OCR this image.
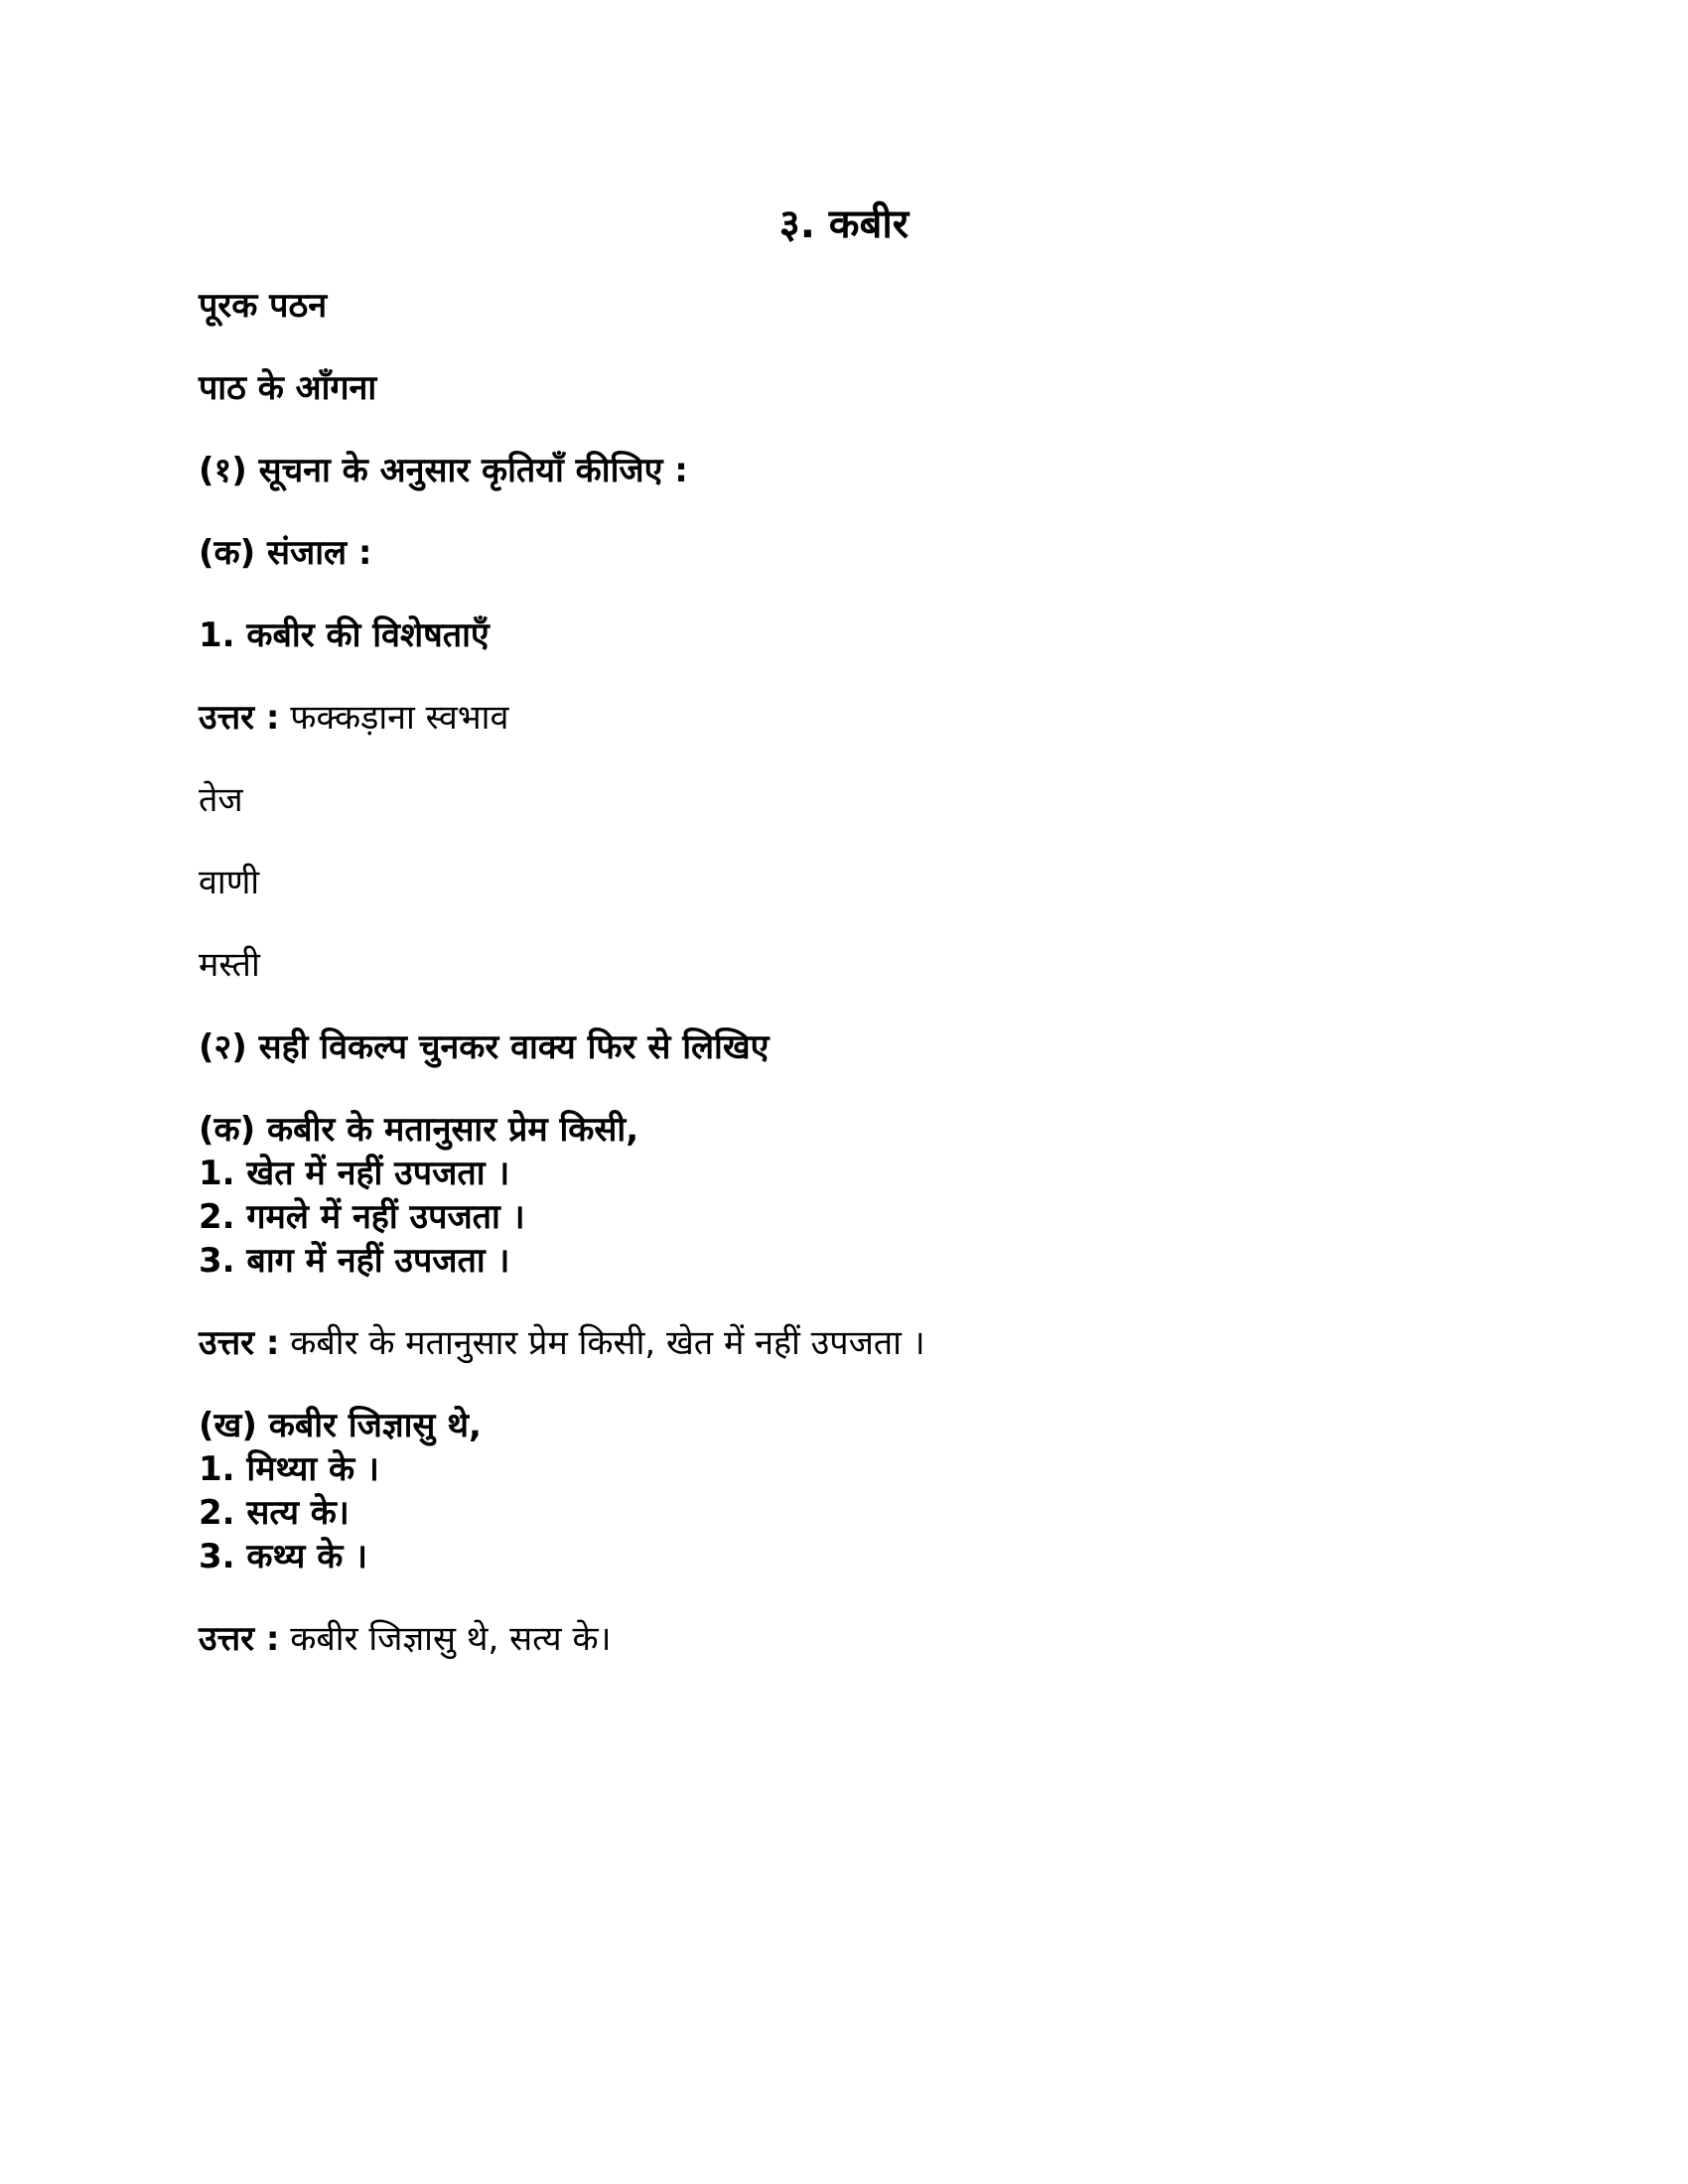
३. कबीर
पूरक पठन
पाठ के आँगना
(१) सूचना के अनुसार कृतियाँ कीजिए :
(क) संजाल :
1. कबीर की विशेषताएँ
उत्तर : फक्कड़ाना स्वभाव
तेज
वाणी
मस्ती
(२) सही विकल्प चुनकर वाक्य फिर से लिखिए
(क) कबीर के मतानुसार प्रेम किसी,
1. खेत में नहीं उपजता ।
2. गमले में नहीं उपजता ।
3. बाग में नहीं उपजता ।
उत्तर : कबीर के मतानुसार प्रेम किसी, खेत में नहीं उपजता ।
(ख) कबीर जिज्ञासु थे,
1. मिथ्या के ।
2. सत्य के।
3. कथ्य के ।
उत्तर : कबीर जिज्ञासु थे, सत्य के।
